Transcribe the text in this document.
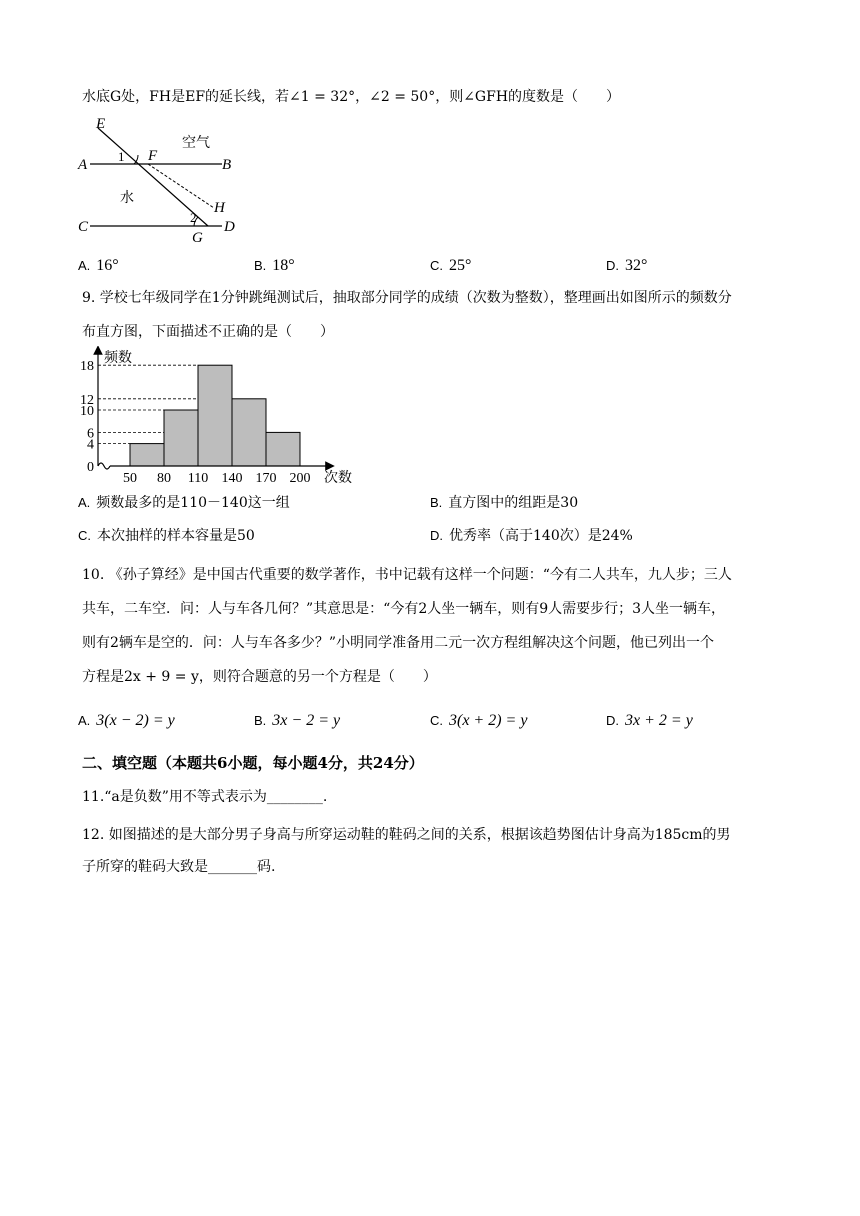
水底G处，FH是EF的延长线，若∠1 = 32°，∠2 = 50°，则∠GFH的度数是（　　）
E
A
1 F
B
空气
水
H
C
2
G
D
A. 16°	B. 18°	C. 25°	D. 32°
9. 学校七年级同学在1分钟跳绳测试后，抽取部分同学的成绩（次数为整数），整理画出如图所示的频数分
布直方图，下面描述不正确的是（　　）
0
4
6
10
12
18
50 80 110 140 170 200
频数
次数
A. 频数最多的是110－140这一组	B. 直方图中的组距是30
C. 本次抽样的样本容量是50	D. 优秀率（高于140次）是24%
10. 《孙子算经》是中国古代重要的数学著作，书中记载有这样一个问题：“今有二人共车，九人步；三人
共车，二车空．问：人与车各几何？”其意思是：“今有2人坐一辆车，则有9人需要步行；3人坐一辆车，
则有2辆车是空的．问：人与车各多少？”小明同学准备用二元一次方程组解决这个问题，他已列出一个
方程是2x + 9 = y，则符合题意的另一个方程是（　　）
A. 3(x − 2) = y	B. 3x − 2 = y	C. 3(x + 2) = y	D. 3x + 2 = y
二、填空题（本题共6小题，每小题4分，共24分）
11.“a是负数”用不等式表示为________.
12. 如图描述的是大部分男子身高与所穿运动鞋的鞋码之间的关系，根据该趋势图估计身高为185cm的男
子所穿的鞋码大致是_______码.
